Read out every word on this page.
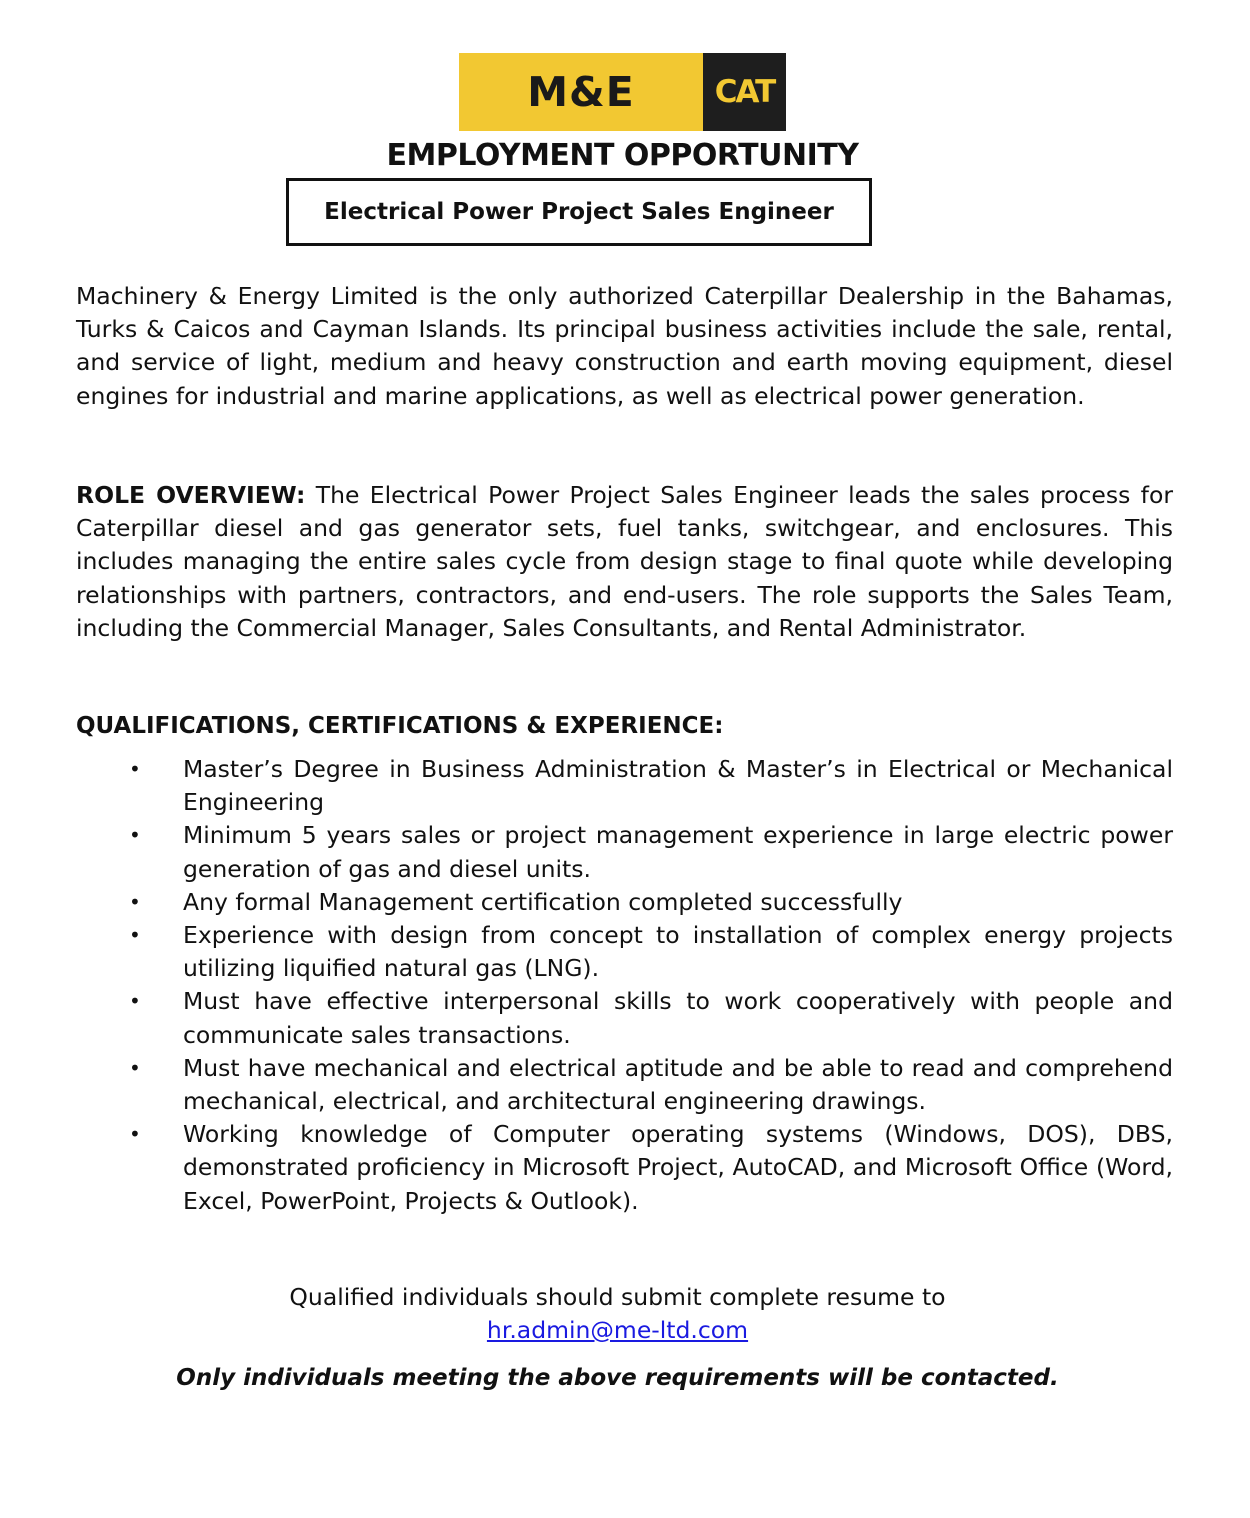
M&E	CAT
EMPLOYMENT OPPORTUNITY
Electrical Power Project Sales Engineer

Machinery & Energy Limited is the only authorized Caterpillar Dealership in the Bahamas, Turks & Caicos and Cayman Islands. Its principal business activities include the sale, rental, and service of light, medium and heavy construction and earth moving equipment, diesel engines for industrial and marine applications, as well as electrical power generation.

ROLE OVERVIEW: The Electrical Power Project Sales Engineer leads the sales process for Caterpillar diesel and gas generator sets, fuel tanks, switchgear, and enclosures. This includes managing the entire sales cycle from design stage to final quote while developing relationships with partners, contractors, and end-users. The role supports the Sales Team, including the Commercial Manager, Sales Consultants, and Rental Administrator.

QUALIFICATIONS, CERTIFICATIONS & EXPERIENCE:
• Master’s Degree in Business Administration & Master’s in Electrical or Mechanical Engineering
• Minimum 5 years sales or project management experience in large electric power generation of gas and diesel units.
• Any formal Management certification completed successfully
• Experience with design from concept to installation of complex energy projects utilizing liquified natural gas (LNG).
• Must have effective interpersonal skills to work cooperatively with people and communicate sales transactions.
• Must have mechanical and electrical aptitude and be able to read and comprehend mechanical, electrical, and architectural engineering drawings.
• Working knowledge of Computer operating systems (Windows, DOS), DBS, demonstrated proficiency in Microsoft Project, AutoCAD, and Microsoft Office (Word, Excel, PowerPoint, Projects & Outlook).
Qualified individuals should submit complete resume to
hr.admin@me-ltd.com
Only individuals meeting the above requirements will be contacted.
